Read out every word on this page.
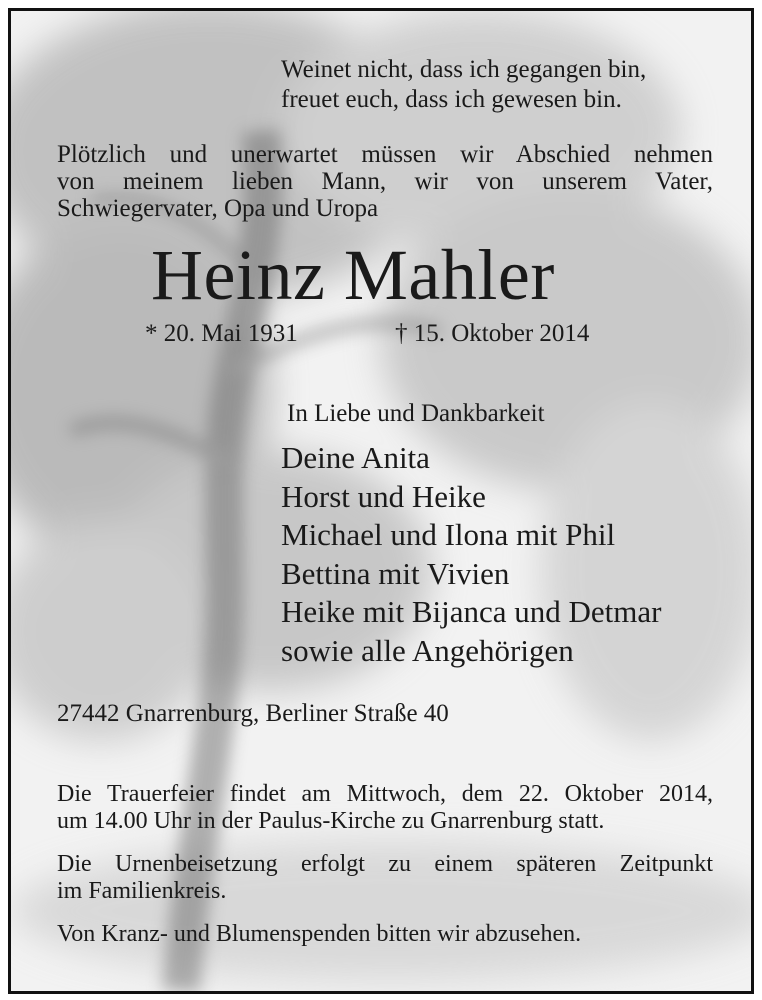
Weinet nicht, dass ich gegangen bin,
freuet euch, dass ich gewesen bin.
Plötzlich und unerwartet müssen wir Abschied nehmen
von meinem lieben Mann, wir von unserem Vater,
Schwiegervater, Opa und Uropa
Heinz Mahler
* 20. Mai 1931	† 15. Oktober 2014
In Liebe und Dankbarkeit
Deine Anita
Horst und Heike
Michael und Ilona mit Phil
Bettina mit Vivien
Heike mit Bijanca und Detmar
sowie alle Angehörigen
27442 Gnarrenburg, Berliner Straße 40
Die Trauerfeier findet am Mittwoch, dem 22. Oktober 2014,
um 14.00 Uhr in der Paulus-Kirche zu Gnarrenburg statt.
Die Urnenbeisetzung erfolgt zu einem späteren Zeitpunkt
im Familienkreis.
Von Kranz- und Blumenspenden bitten wir abzusehen.
